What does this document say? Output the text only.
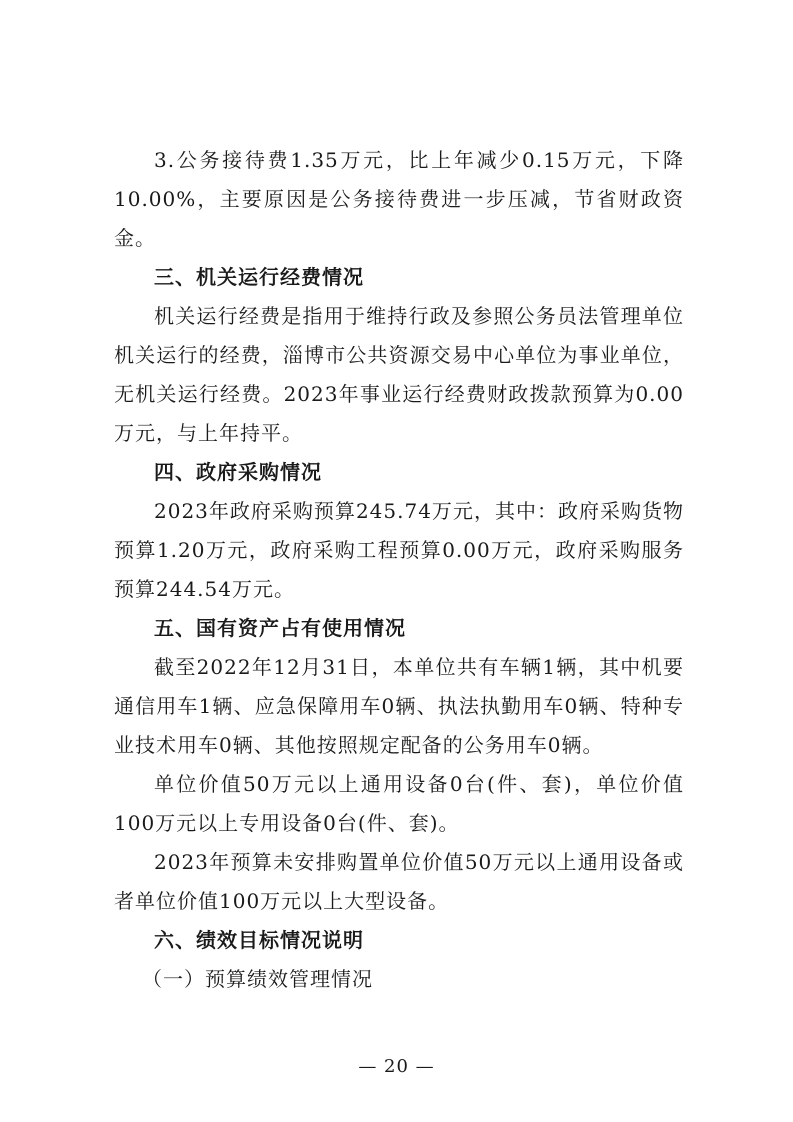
3.公务接待费1.35万元，比上年减少0.15万元，下降10.00%，主要原因是公务接待费进一步压减，节省财政资金。

三、机关运行经费情况

机关运行经费是指用于维持行政及参照公务员法管理单位机关运行的经费，淄博市公共资源交易中心单位为事业单位，无机关运行经费。2023年事业运行经费财政拨款预算为0.00万元，与上年持平。

四、政府采购情况

2023年政府采购预算245.74万元，其中：政府采购货物预算1.20万元，政府采购工程预算0.00万元，政府采购服务预算244.54万元。

五、国有资产占有使用情况

截至2022年12月31日，本单位共有车辆1辆，其中机要通信用车1辆、应急保障用车0辆、执法执勤用车0辆、特种专业技术用车0辆、其他按照规定配备的公务用车0辆。

单位价值50万元以上通用设备0台(件、套)，单位价值100万元以上专用设备0台(件、套)。

2023年预算未安排购置单位价值50万元以上通用设备或者单位价值100万元以上大型设备。

六、绩效目标情况说明

（一）预算绩效管理情况

— 20 —
